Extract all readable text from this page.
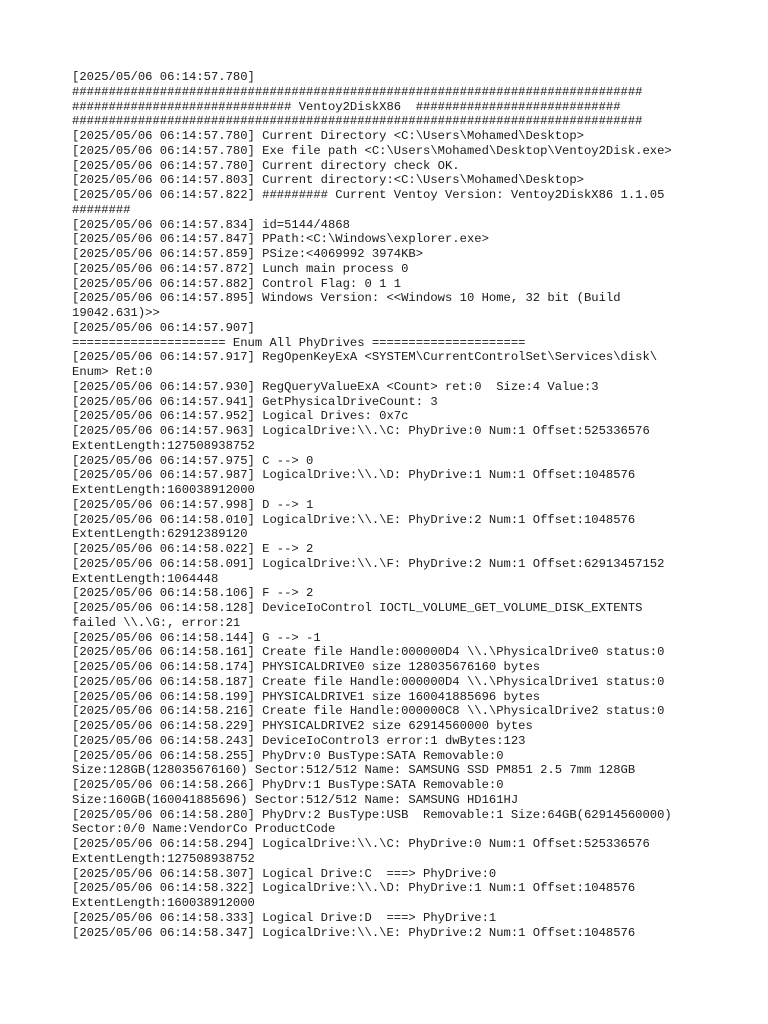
[2025/05/06 06:14:57.780]
##############################################################################
############################## Ventoy2DiskX86  ############################
##############################################################################
[2025/05/06 06:14:57.780] Current Directory <C:\Users\Mohamed\Desktop>
[2025/05/06 06:14:57.780] Exe file path <C:\Users\Mohamed\Desktop\Ventoy2Disk.exe>
[2025/05/06 06:14:57.780] Current directory check OK.
[2025/05/06 06:14:57.803] Current directory:<C:\Users\Mohamed\Desktop>
[2025/05/06 06:14:57.822] ######### Current Ventoy Version: Ventoy2DiskX86 1.1.05
########
[2025/05/06 06:14:57.834] id=5144/4868
[2025/05/06 06:14:57.847] PPath:<C:\Windows\explorer.exe>
[2025/05/06 06:14:57.859] PSize:<4069992 3974KB>
[2025/05/06 06:14:57.872] Lunch main process 0
[2025/05/06 06:14:57.882] Control Flag: 0 1 1
[2025/05/06 06:14:57.895] Windows Version: <<Windows 10 Home, 32 bit (Build
19042.631)>>
[2025/05/06 06:14:57.907]
===================== Enum All PhyDrives =====================
[2025/05/06 06:14:57.917] RegOpenKeyExA <SYSTEM\CurrentControlSet\Services\disk\
Enum> Ret:0
[2025/05/06 06:14:57.930] RegQueryValueExA <Count> ret:0  Size:4 Value:3
[2025/05/06 06:14:57.941] GetPhysicalDriveCount: 3
[2025/05/06 06:14:57.952] Logical Drives: 0x7c
[2025/05/06 06:14:57.963] LogicalDrive:\\.\C: PhyDrive:0 Num:1 Offset:525336576
ExtentLength:127508938752
[2025/05/06 06:14:57.975] C --> 0
[2025/05/06 06:14:57.987] LogicalDrive:\\.\D: PhyDrive:1 Num:1 Offset:1048576
ExtentLength:160038912000
[2025/05/06 06:14:57.998] D --> 1
[2025/05/06 06:14:58.010] LogicalDrive:\\.\E: PhyDrive:2 Num:1 Offset:1048576
ExtentLength:62912389120
[2025/05/06 06:14:58.022] E --> 2
[2025/05/06 06:14:58.091] LogicalDrive:\\.\F: PhyDrive:2 Num:1 Offset:62913457152
ExtentLength:1064448
[2025/05/06 06:14:58.106] F --> 2
[2025/05/06 06:14:58.128] DeviceIoControl IOCTL_VOLUME_GET_VOLUME_DISK_EXTENTS
failed \\.\G:, error:21
[2025/05/06 06:14:58.144] G --> -1
[2025/05/06 06:14:58.161] Create file Handle:000000D4 \\.\PhysicalDrive0 status:0
[2025/05/06 06:14:58.174] PHYSICALDRIVE0 size 128035676160 bytes
[2025/05/06 06:14:58.187] Create file Handle:000000D4 \\.\PhysicalDrive1 status:0
[2025/05/06 06:14:58.199] PHYSICALDRIVE1 size 160041885696 bytes
[2025/05/06 06:14:58.216] Create file Handle:000000C8 \\.\PhysicalDrive2 status:0
[2025/05/06 06:14:58.229] PHYSICALDRIVE2 size 62914560000 bytes
[2025/05/06 06:14:58.243] DeviceIoControl3 error:1 dwBytes:123
[2025/05/06 06:14:58.255] PhyDrv:0 BusType:SATA Removable:0
Size:128GB(128035676160) Sector:512/512 Name: SAMSUNG SSD PM851 2.5 7mm 128GB
[2025/05/06 06:14:58.266] PhyDrv:1 BusType:SATA Removable:0
Size:160GB(160041885696) Sector:512/512 Name: SAMSUNG HD161HJ
[2025/05/06 06:14:58.280] PhyDrv:2 BusType:USB  Removable:1 Size:64GB(62914560000)
Sector:0/0 Name:VendorCo ProductCode
[2025/05/06 06:14:58.294] LogicalDrive:\\.\C: PhyDrive:0 Num:1 Offset:525336576
ExtentLength:127508938752
[2025/05/06 06:14:58.307] Logical Drive:C  ===> PhyDrive:0
[2025/05/06 06:14:58.322] LogicalDrive:\\.\D: PhyDrive:1 Num:1 Offset:1048576
ExtentLength:160038912000
[2025/05/06 06:14:58.333] Logical Drive:D  ===> PhyDrive:1
[2025/05/06 06:14:58.347] LogicalDrive:\\.\E: PhyDrive:2 Num:1 Offset:1048576
